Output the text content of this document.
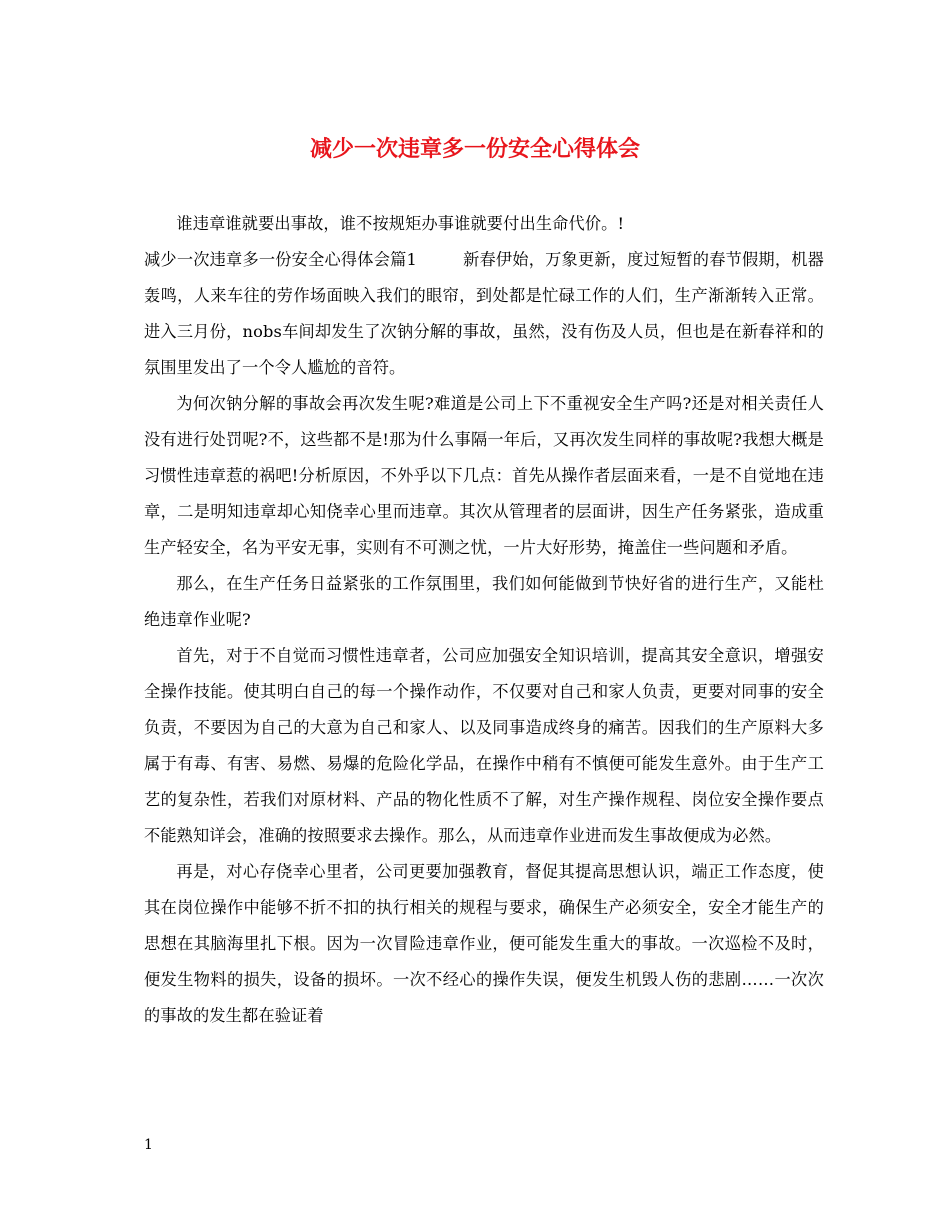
减少一次违章多一份安全心得体会

谁违章谁就要出事故，谁不按规矩办事谁就要付出生命代价。!

减少一次违章多一份安全心得体会篇1	新春伊始，万象更新，度过短暂的春节假期，机器轰鸣，人来车往的劳作场面映入我们的眼帘，到处都是忙碌工作的人们，生产渐渐转入正常。进入三月份，nobs车间却发生了次钠分解的事故，虽然，没有伤及人员，但也是在新春祥和的氛围里发出了一个令人尴尬的音符。

为何次钠分解的事故会再次发生呢?难道是公司上下不重视安全生产吗?还是对相关责任人没有进行处罚呢?不，这些都不是!那为什么事隔一年后，又再次发生同样的事故呢?我想大概是习惯性违章惹的祸吧!分析原因，不外乎以下几点：首先从操作者层面来看，一是不自觉地在违章，二是明知违章却心知侥幸心里而违章。其次从管理者的层面讲，因生产任务紧张，造成重生产轻安全，名为平安无事，实则有不可测之忧，一片大好形势，掩盖住一些问题和矛盾。

那么，在生产任务日益紧张的工作氛围里，我们如何能做到节快好省的进行生产，又能杜绝违章作业呢?

首先，对于不自觉而习惯性违章者，公司应加强安全知识培训，提高其安全意识，增强安全操作技能。使其明白自己的每一个操作动作，不仅要对自己和家人负责，更要对同事的安全负责，不要因为自己的大意为自己和家人、以及同事造成终身的痛苦。因我们的生产原料大多属于有毒、有害、易燃、易爆的危险化学品，在操作中稍有不慎便可能发生意外。由于生产工艺的复杂性，若我们对原材料、产品的物化性质不了解，对生产操作规程、岗位安全操作要点不能熟知详会，准确的按照要求去操作。那么，从而违章作业进而发生事故便成为必然。

再是，对心存侥幸心里者，公司更要加强教育，督促其提高思想认识，端正工作态度，使其在岗位操作中能够不折不扣的执行相关的规程与要求，确保生产必须安全，安全才能生产的思想在其脑海里扎下根。因为一次冒险违章作业，便可能发生重大的事故。一次巡检不及时，便发生物料的损失，设备的损坏。一次不经心的操作失误，便发生机毁人伤的悲剧……一次次的事故的发生都在验证着

1
